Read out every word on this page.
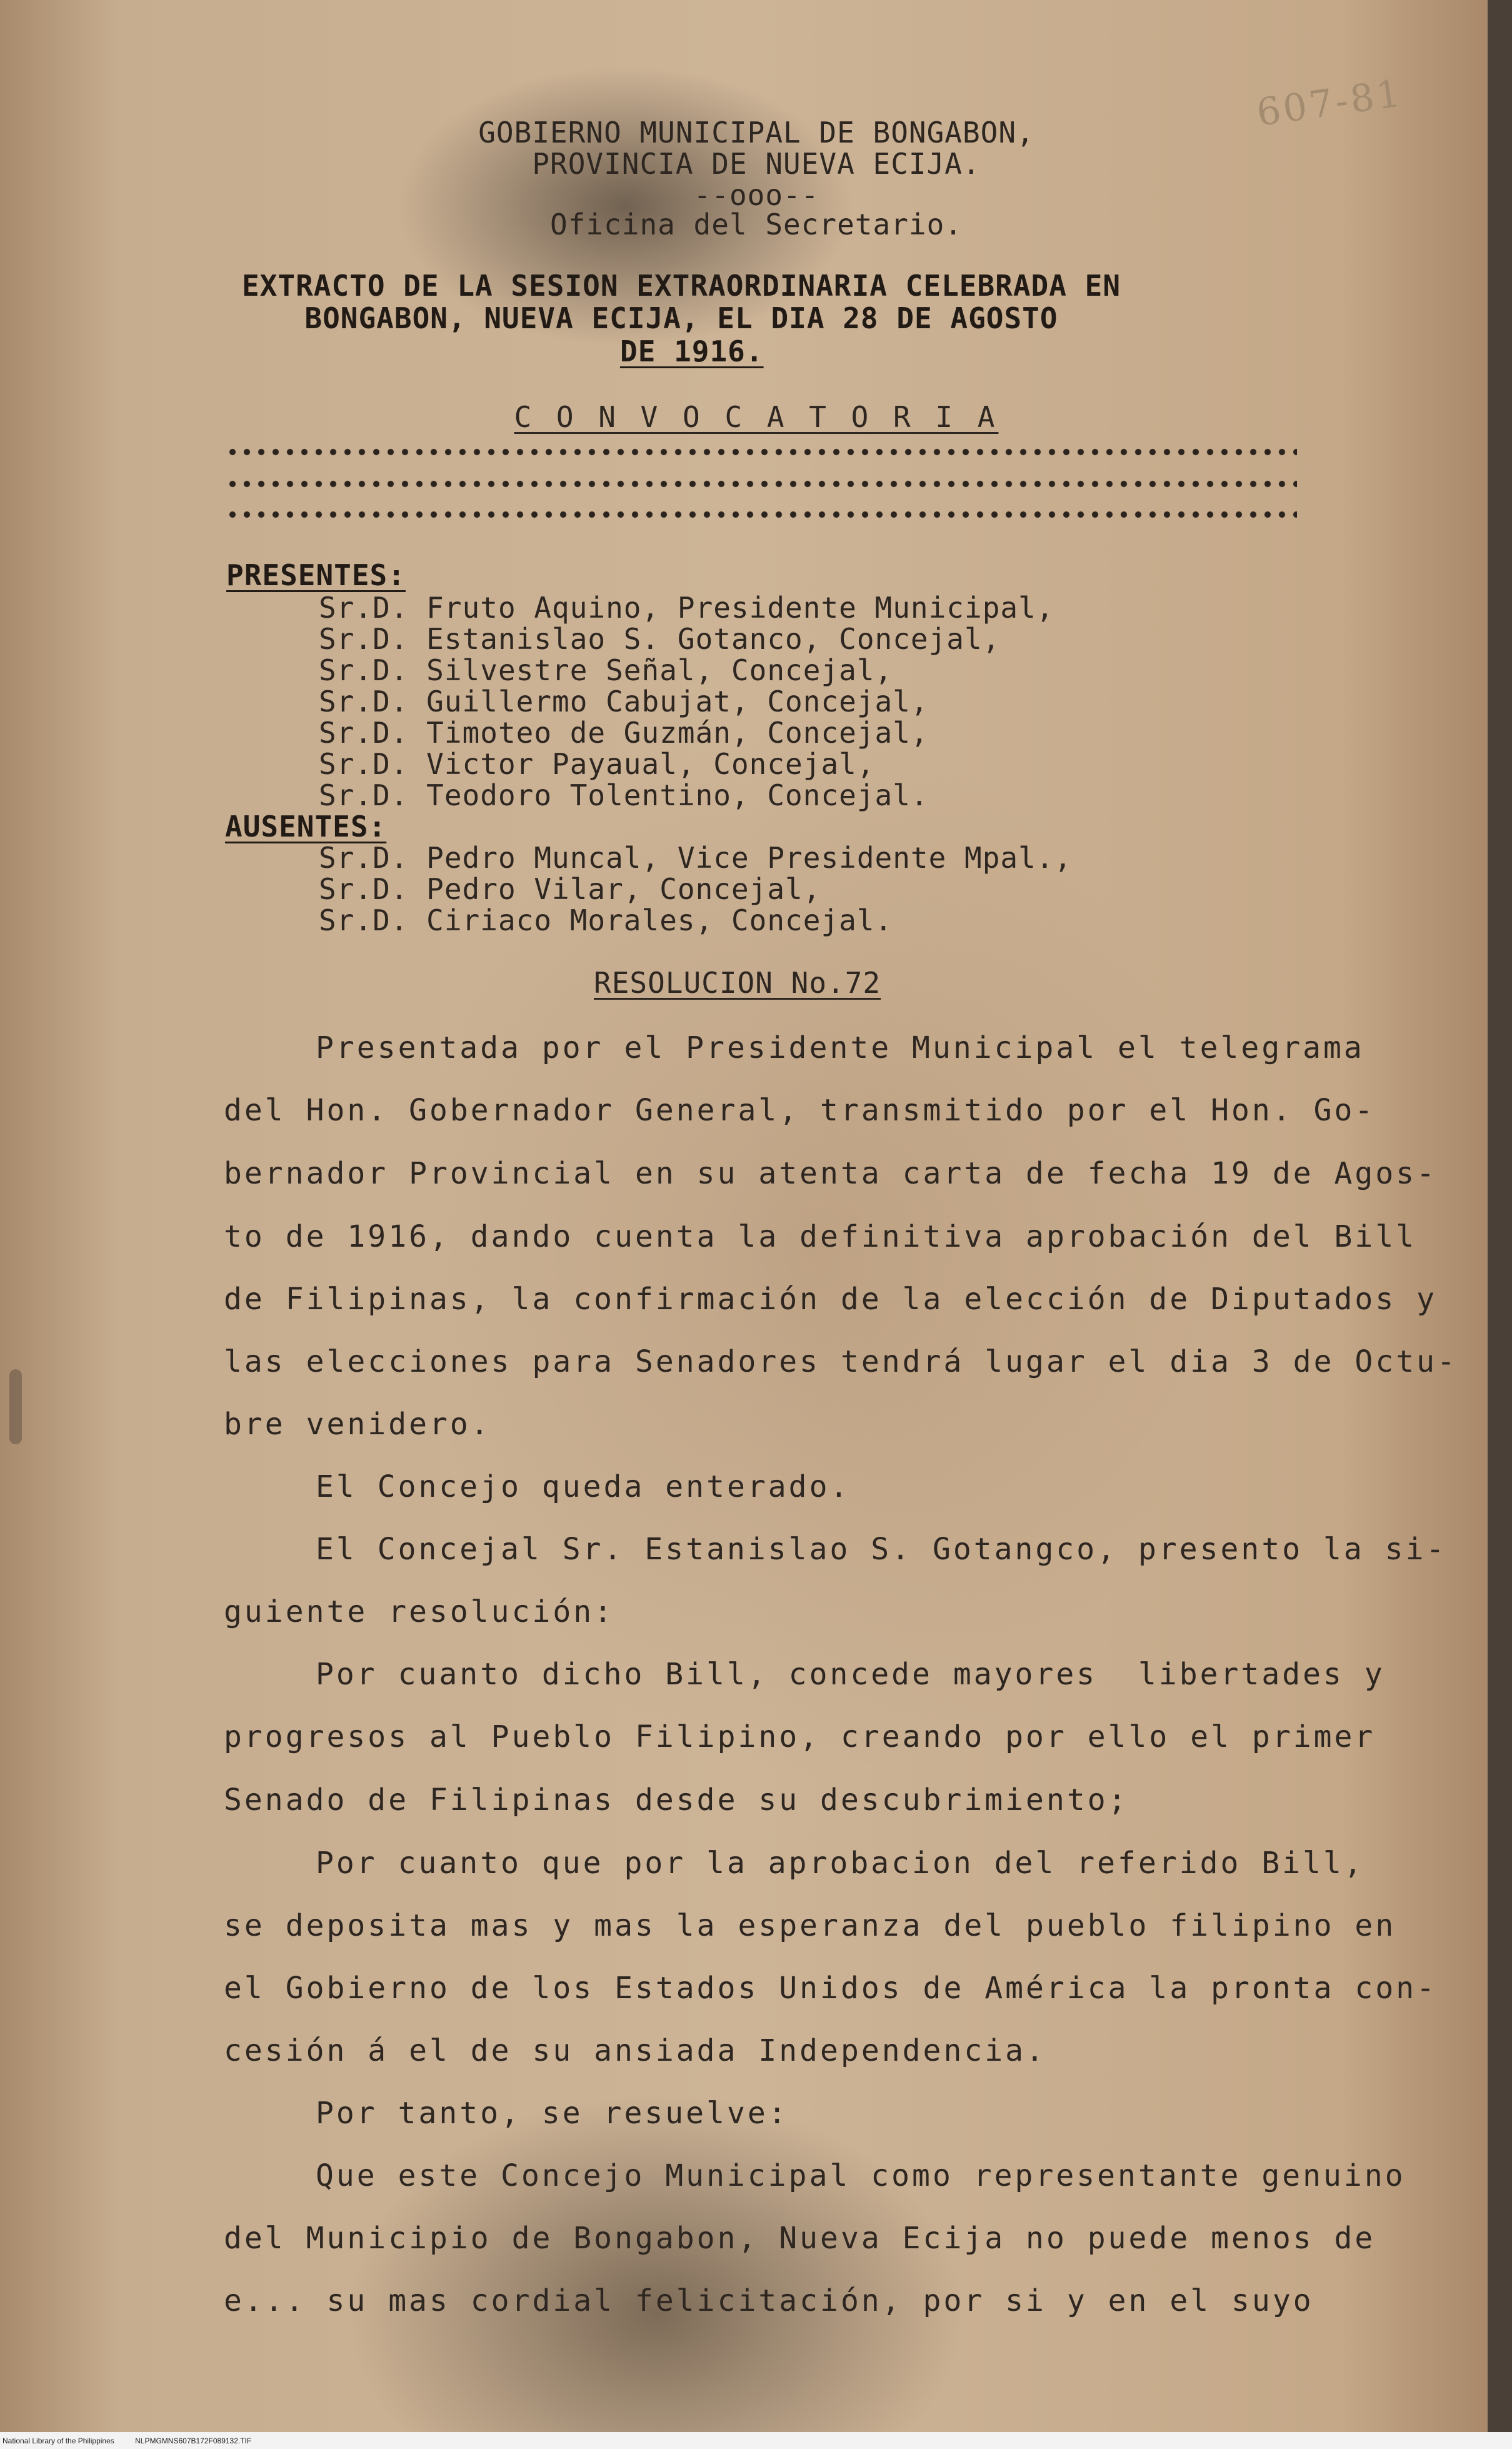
607-81
GOBIERNO MUNICIPAL DE BONGABON,
PROVINCIA DE NUEVA ECIJA.
--ooo--
Oficina del Secretario.
EXTRACTO DE LA SESION EXTRAORDINARIA CELEBRADA EN
BONGABON, NUEVA ECIJA, EL DIA 28 DE AGOSTO
DE 1916.
C O N V O C A T O R I A
PRESENTES:
Sr.D. Fruto Aquino, Presidente Municipal,
Sr.D. Estanislao S. Gotanco, Concejal,
Sr.D. Silvestre Señal, Concejal,
Sr.D. Guillermo Cabujat, Concejal,
Sr.D. Timoteo de Guzmán, Concejal,
Sr.D. Victor Payaual, Concejal,
Sr.D. Teodoro Tolentino, Concejal.
AUSENTES:
Sr.D. Pedro Muncal, Vice Presidente Mpal.,
Sr.D. Pedro Vilar, Concejal,
Sr.D. Ciriaco Morales, Concejal.
RESOLUCION No.72
Presentada por el Presidente Municipal el telegrama
del Hon. Gobernador General, transmitido por el Hon. Go-
bernador Provincial en su atenta carta de fecha 19 de Agos-
to de 1916, dando cuenta la definitiva aprobación del Bill
de Filipinas, la confirmación de la elección de Diputados y
las elecciones para Senadores tendrá lugar el dia 3 de Octu-
bre venidero.
El Concejo queda enterado.
El Concejal Sr. Estanislao S. Gotangco, presento la si-
guiente resolución:
Por cuanto dicho Bill, concede mayores  libertades y
progresos al Pueblo Filipino, creando por ello el primer
Senado de Filipinas desde su descubrimiento;
Por cuanto que por la aprobacion del referido Bill,
se deposita mas y mas la esperanza del pueblo filipino en
el Gobierno de los Estados Unidos de América la pronta con-
cesión á el de su ansiada Independencia.
Por tanto, se resuelve:
Que este Concejo Municipal como representante genuino
del Municipio de Bongabon, Nueva Ecija no puede menos de
e... su mas cordial felicitación, por si y en el suyo
National Library of the Philippines	NLPMGMNS607B172F089132.TIF
